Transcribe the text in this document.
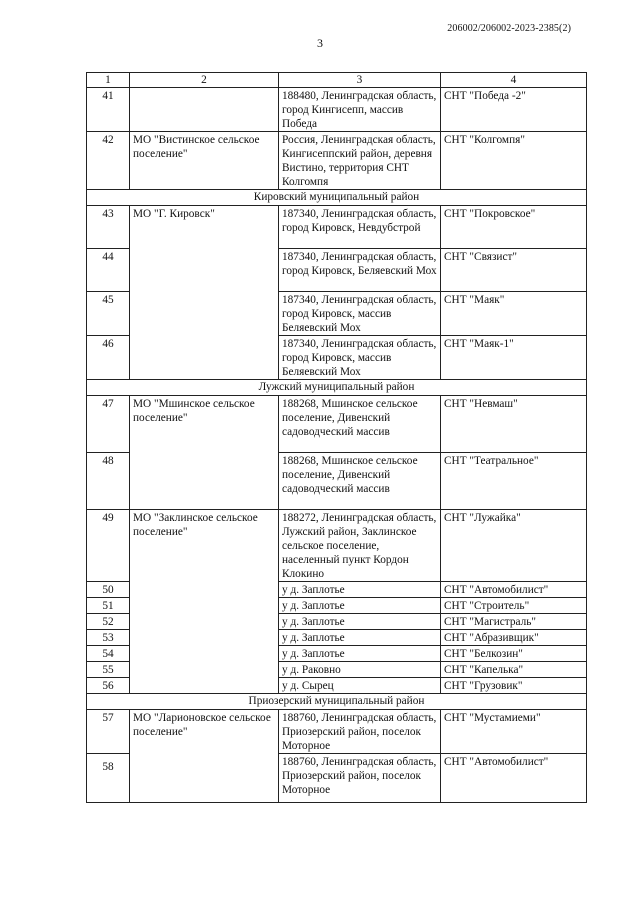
206002/206002-2023-2385(2)
3
1	2	3	4
41		188480, Ленинградская область, город Кингисепп, массив Победа	СНТ "Победа -2"
42	МО "Вистинское сельское поселение"	Россия, Ленинградская область, Кингисеппский район, деревня Вистино, территория СНТ Колгомпя	СНТ "Колгомпя"
Кировский муниципальный район			
43	МО "Г. Кировск"	187340, Ленинградская область, город Кировск, Невдубстрой	СНТ "Покровское"
44		187340, Ленинградская область, город Кировск, Беляевский Мох	СНТ "Связист"
45		187340, Ленинградская область, город Кировск, массив Беляевский Мох	СНТ "Маяк"
46		187340, Ленинградская область, город Кировск, массив Беляевский Мох	СНТ "Маяк-1"
Лужский муниципальный район			
47	МО "Мшинское сельское поселение"	188268, Мшинское сельское поселение, Дивенский садоводческий массив	СНТ "Невмаш"
48		188268, Мшинское сельское поселение, Дивенский садоводческий массив	СНТ "Театральное"
49	МО "Заклинское сельское поселение"	188272, Ленинградская область, Лужский район, Заклинское сельское поселение, населенный пункт Кордон Клокино	СНТ "Лужайка"
50		у д. Заплотье	СНТ "Автомобилист"
51		у д. Заплотье	СНТ "Строитель"
52		у д. Заплотье	СНТ "Магистраль"
53		у д. Заплотье	СНТ "Абразивщик"
54		у д. Заплотье	СНТ "Белкозин"
55		у д. Раковно	СНТ "Капелька"
56		у д. Сырец	СНТ "Грузовик"
Приозерский муниципальный район			
57	МО "Ларионовское сельское поселение"	188760, Ленинградская область, Приозерский район, поселок Моторное	СНТ "Мустамиеми"
58		188760, Ленинградская область, Приозерский район, поселок Моторное	СНТ "Автомобилист"
